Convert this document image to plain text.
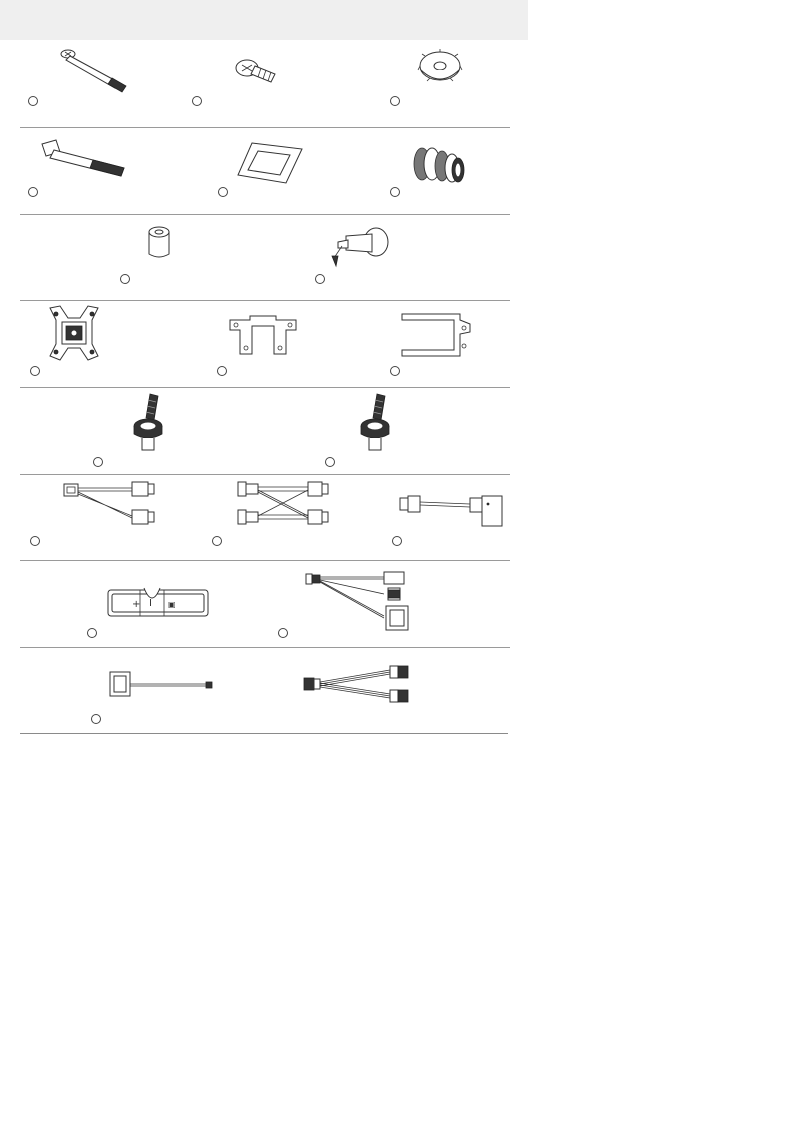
+ I ▣
